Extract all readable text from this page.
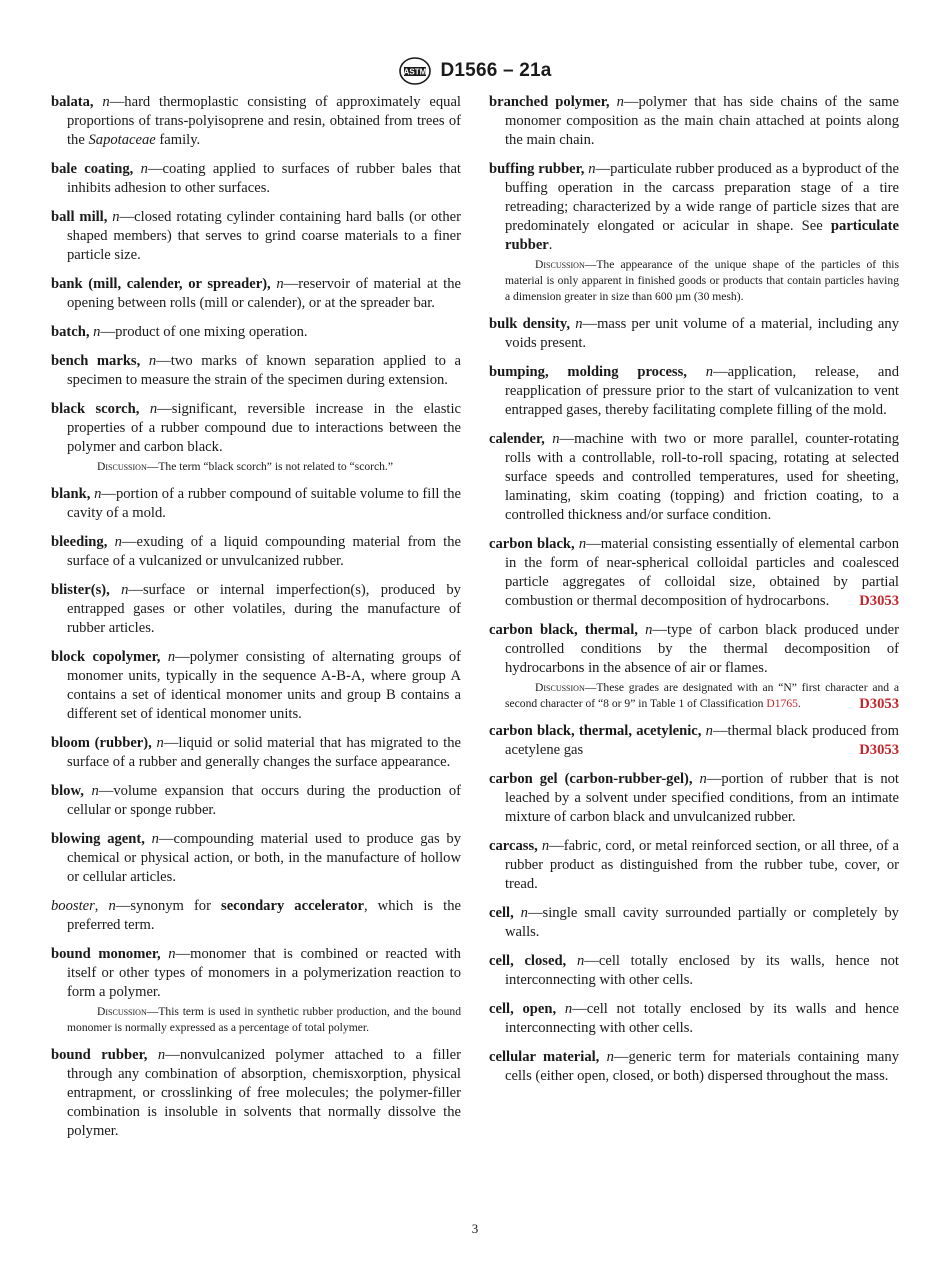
ASTM D1566 – 21a

balata, n — hard thermoplastic consisting of approximately equal proportions of trans-polyisoprene and resin, obtained from trees of the Sapotaceae family.

bale coating, n — coating applied to surfaces of rubber bales that inhibits adhesion to other surfaces.

ball mill, n — closed rotating cylinder containing hard balls (or other shaped members) that serves to grind coarse materials to a finer particle size.

bank (mill, calender, or spreader), n — reservoir of material at the opening between rolls (mill or calender), or at the spreader bar.

batch, n — product of one mixing operation.

bench marks, n — two marks of known separation applied to a specimen to measure the strain of the specimen during extension.

black scorch, n — significant, reversible increase in the elastic properties of a rubber compound due to interactions between the polymer and carbon black.

Discussion — The term “black scorch” is not related to “scorch.”

blank, n — portion of a rubber compound of suitable volume to fill the cavity of a mold.

bleeding, n — exuding of a liquid compounding material from the surface of a vulcanized or unvulcanized rubber.

blister(s), n — surface or internal imperfection(s), produced by entrapped gases or other volatiles, during the manufacture of rubber articles.

block copolymer, n — polymer consisting of alternating groups of monomer units, typically in the sequence A-B-A, where group A contains a set of identical monomer units and group B contains a different set of identical monomer units.

bloom (rubber), n — liquid or solid material that has migrated to the surface of a rubber and generally changes the surface appearance.

blow, n — volume expansion that occurs during the production of cellular or sponge rubber.

blowing agent, n — compounding material used to produce gas by chemical or physical action, or both, in the manufacture of hollow or cellular articles.

booster, n — synonym for secondary accelerator, which is the preferred term.

bound monomer, n — monomer that is combined or reacted with itself or other types of monomers in a polymerization reaction to form a polymer.

Discussion — This term is used in synthetic rubber production, and the bound monomer is normally expressed as a percentage of total polymer.

bound rubber, n — nonvulcanized polymer attached to a filler through any combination of absorption, chemisxorption, physical entrapment, or crosslinking of free molecules; the polymer-filler combination is insoluble in solvents that normally dissolve the polymer.

branched polymer, n — polymer that has side chains of the same monomer composition as the main chain attached at points along the main chain.

buffing rubber, n — particulate rubber produced as a byproduct of the buffing operation in the carcass preparation stage of a tire retreading; characterized by a wide range of particle sizes that are predominately elongated or acicular in shape. See particulate rubber.

Discussion — The appearance of the unique shape of the particles of this material is only apparent in finished goods or products that contain particles having a dimension greater in size than 600 µm (30 mesh).

bulk density, n — mass per unit volume of a material, including any voids present.

bumping, molding process, n — application, release, and reapplication of pressure prior to the start of vulcanization to vent entrapped gases, thereby facilitating complete filling of the mold.

calender, n — machine with two or more parallel, counter-rotating rolls with a controllable, roll-to-roll spacing, rotating at selected surface speeds and controlled temperatures, used for sheeting, laminating, skim coating (topping) and friction coating, to a controlled thickness and/or surface condition.

carbon black, n — material consisting essentially of elemental carbon in the form of near-spherical colloidal particles and coalesced particle aggregates of colloidal size, obtained by partial combustion or thermal decomposition of hydrocarbons. D3053

carbon black, thermal, n — type of carbon black produced under controlled conditions by the thermal decomposition of hydrocarbons in the absence of air or flames.

Discussion — These grades are designated with an “N” first character and a second character of “8 or 9” in Table 1 of Classification D1765.	D3053

carbon black, thermal, acetylenic, n — thermal black produced from acetylene gas	D3053

carbon gel (carbon-rubber-gel), n — portion of rubber that is not leached by a solvent under specified conditions, from an intimate mixture of carbon black and unvulcanized rubber.

carcass, n — fabric, cord, or metal reinforced section, or all three, of a rubber product as distinguished from the rubber tube, cover, or tread.

cell, n — single small cavity surrounded partially or completely by walls.

cell, closed, n — cell totally enclosed by its walls, hence not interconnecting with other cells.

cell, open, n — cell not totally enclosed by its walls and hence interconnecting with other cells.

cellular material, n — generic term for materials containing many cells (either open, closed, or both) dispersed throughout the mass.

3
